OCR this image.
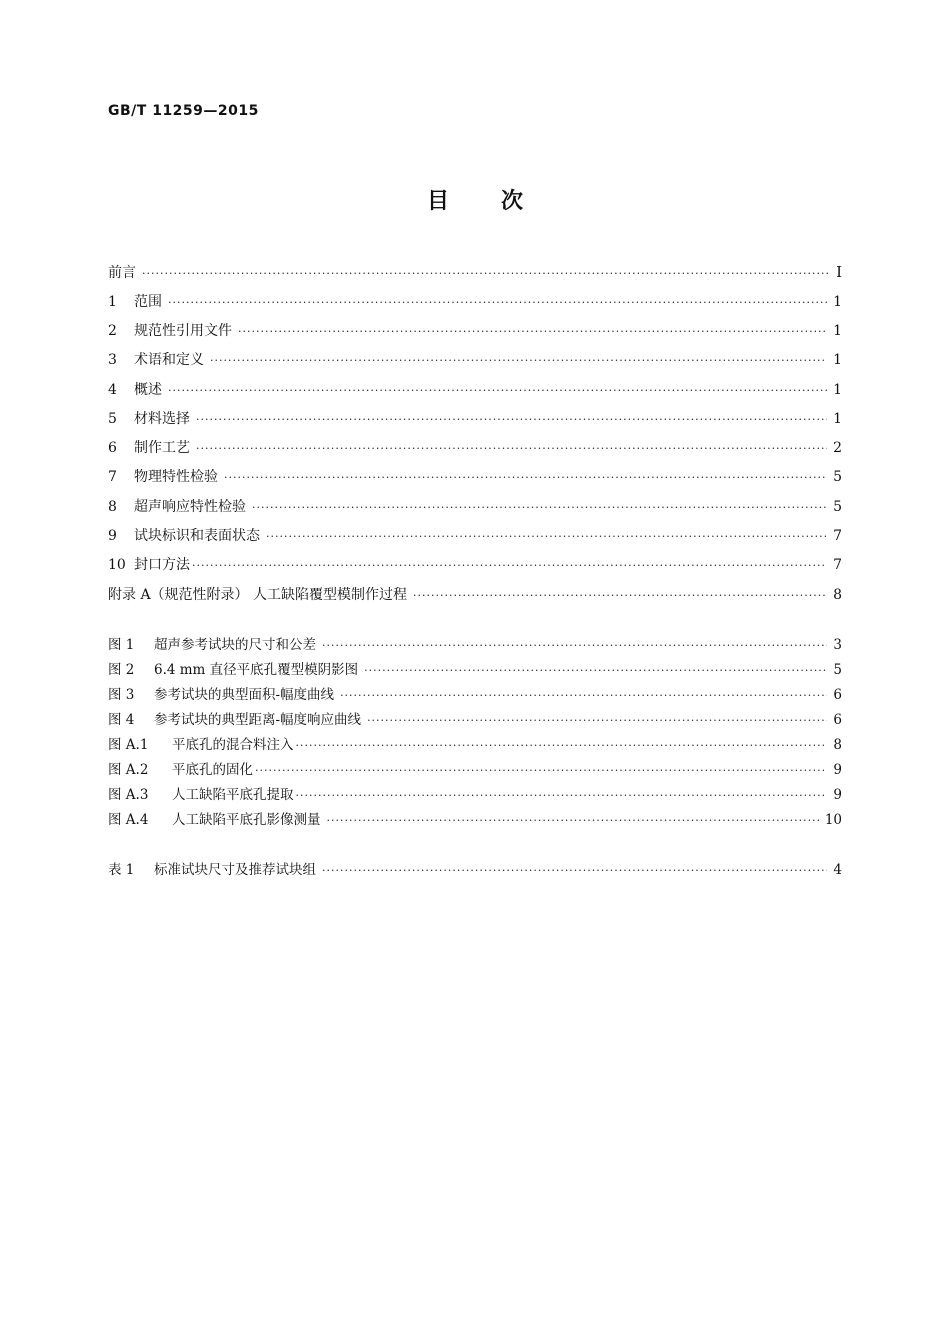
GB/T 11259—2015
目 次
前言 ·····	Ⅰ
1	范围 ·····	1
2	规范性引用文件 ·····	1
3	术语和定义 ·····	1
4	概述 ·····	1
5	材料选择 ·····	1
6	制作工艺 ·····	2
7	物理特性检验 ·····	5
8	超声响应特性检验 ·····	5
9	试块标识和表面状态 ·····	7
10 封口方法 ·····	7
附录 A（规范性附录） 人工缺陷覆型模制作过程 ·····	8
图 1	超声参考试块的尺寸和公差 ·····	3
图 2	6.4 mm 直径平底孔覆型模阴影图 ·····	5
图 3	参考试块的典型面积-幅度曲线 ·····	6
图 4	参考试块的典型距离-幅度响应曲线 ·····	6
图 A.1	平底孔的混合料注入 ·····	8
图 A.2	平底孔的固化 ·····	9
图 A.3	人工缺陷平底孔提取 ·····	9
图 A.4	人工缺陷平底孔影像测量 ·····	10
表 1	标准试块尺寸及推荐试块组 ·····	4
